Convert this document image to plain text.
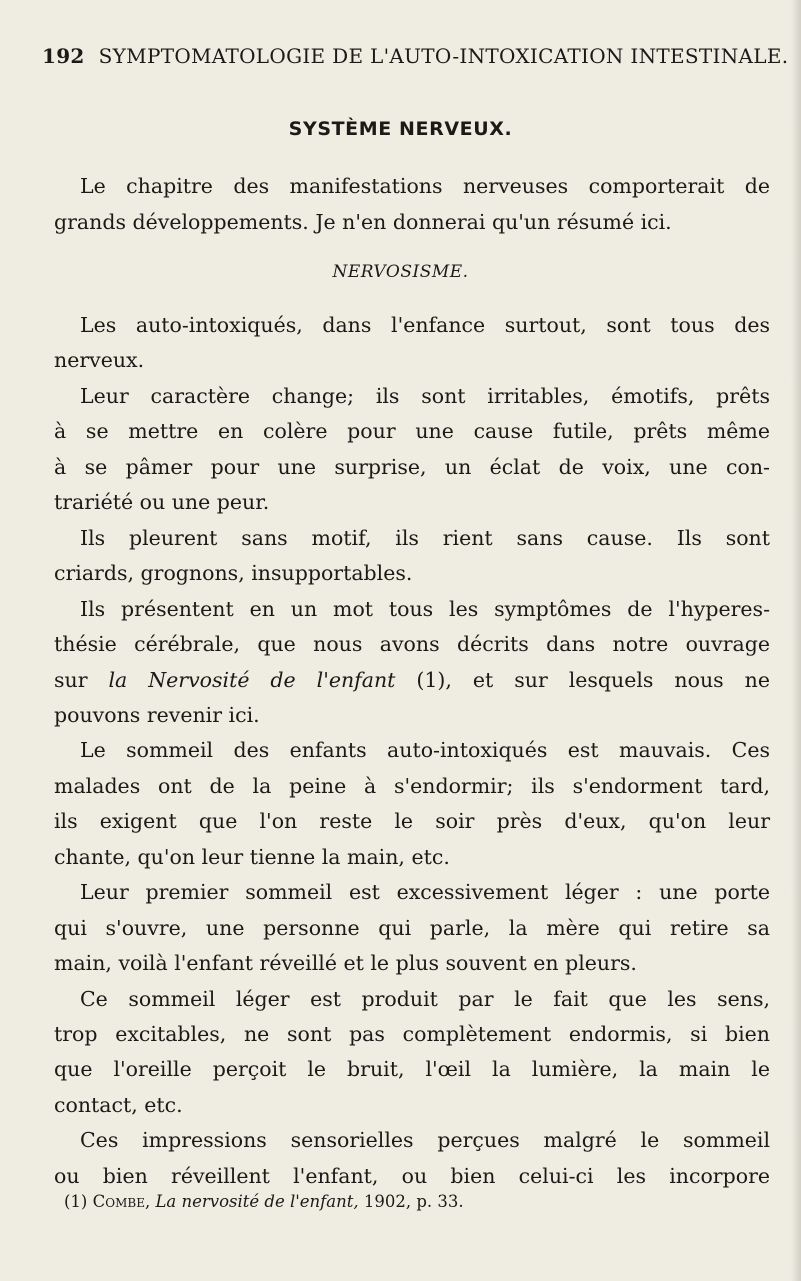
192 SYMPTOMATOLOGIE DE L'AUTO-INTOXICATION INTESTINALE.
SYSTÈME NERVEUX.
Le chapitre des manifestations nerveuses comporterait de
grands développements. Je n'en donnerai qu'un résumé ici.
NERVOSISME.
Les auto-intoxiqués, dans l'enfance surtout, sont tous des
nerveux.
Leur caractère change; ils sont irritables, émotifs, prêts
à se mettre en colère pour une cause futile, prêts même
à se pâmer pour une surprise, un éclat de voix, une con-
trariété ou une peur.
Ils pleurent sans motif, ils rient sans cause. Ils sont
criards, grognons, insupportables.
Ils présentent en un mot tous les symptômes de l'hyperes-
thésie cérébrale, que nous avons décrits dans notre ouvrage
sur la Nervosité de l'enfant (1), et sur lesquels nous ne
pouvons revenir ici.
Le sommeil des enfants auto-intoxiqués est mauvais. Ces
malades ont de la peine à s'endormir; ils s'endorment tard,
ils exigent que l'on reste le soir près d'eux, qu'on leur
chante, qu'on leur tienne la main, etc.
Leur premier sommeil est excessivement léger : une porte
qui s'ouvre, une personne qui parle, la mère qui retire sa
main, voilà l'enfant réveillé et le plus souvent en pleurs.
Ce sommeil léger est produit par le fait que les sens,
trop excitables, ne sont pas complètement endormis, si bien
que l'oreille perçoit le bruit, l'œil la lumière, la main le
contact, etc.
Ces impressions sensorielles perçues malgré le sommeil
ou bien réveillent l'enfant, ou bien celui-ci les incorpore
(1) Combe, La nervosité de l'enfant, 1902, p. 33.
